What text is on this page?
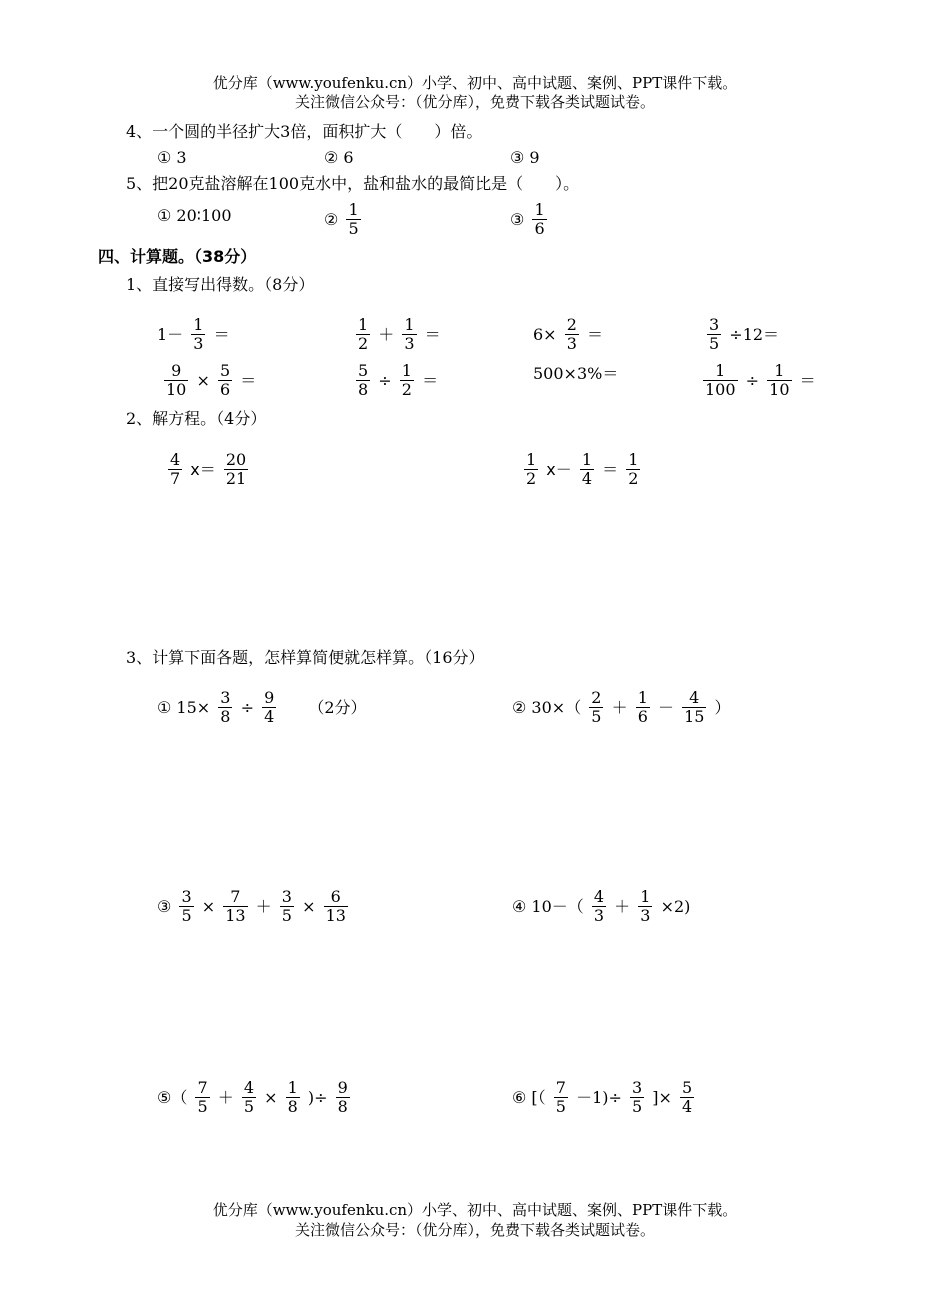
优分库（www.youfenku.cn）小学、初中、高中试题、案例、PPT课件下载。
关注微信公众号：（优分库），免费下载各类试题试卷。
4、一个圆的半径扩大3倍，面积扩大（　　）倍。
① 3	② 6	③ 9
5、把20克盐溶解在100克水中，盐和盐水的最简比是（　　）。
① 20∶100	② $\frac{1}{5}$	③ $\frac{1}{6}$
四、计算题。（38分）
1、直接写出得数。（8分）
$1- \frac{1}{3}$ ＝	$\frac{1}{2} + \frac{1}{3}$ ＝	$6\times \frac{2}{3}$ ＝	$\frac{3}{5} \div 12=$
$\frac{9}{10} \times \frac{5}{6}$ ＝	$\frac{5}{8} \div \frac{1}{2}$ ＝	500×3%＝	$\frac{1}{100} \div \frac{1}{10}$ ＝
2、解方程。（4分）
$\frac{4}{7} x= \frac{20}{21}$	$\frac{1}{2} x- \frac{1}{4} = \frac{1}{2}$
3、计算下面各题，怎样算简便就怎样算。（16分）
① $15\times \frac{3}{8} \div \frac{9}{4} (2$分）	② $30\times( \frac{2}{5} + \frac{1}{6} - \frac{4}{15}$ ）
③ $\frac{3}{5} \times \frac{7}{13} + \frac{3}{5} \times \frac{6}{13}$	④ $10-( \frac{4}{3} + \frac{1}{3} \times 2)$
⑤（ $\frac{7}{5} + \frac{4}{5} \times \frac{1}{8}$ )÷ $\frac{9}{8}$	⑥ [（ $\frac{7}{5} -1)\div \frac{3}{5}$ ]× $\frac{5}{4}$
优分库（www.youfenku.cn）小学、初中、高中试题、案例、PPT课件下载。
关注微信公众号：（优分库），免费下载各类试题试卷。
